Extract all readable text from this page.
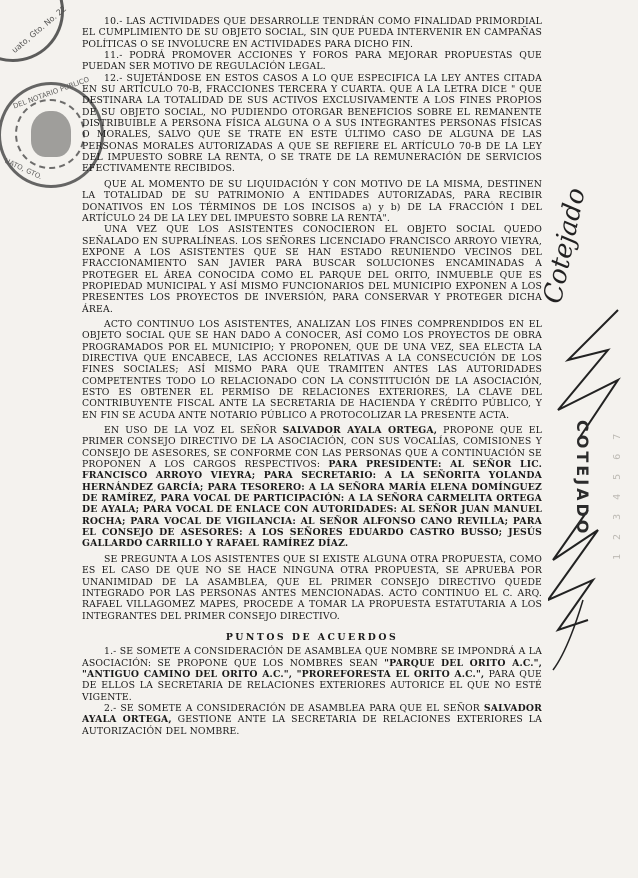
uato, Gto. No. 22
DEL NOTARIO PUBLICO
UATO, GTO.

10.- LAS ACTIVIDADES QUE DESARROLLE TENDRÁN COMO FINALIDAD PRIMORDIAL EL CUMPLIMIENTO DE SU OBJETO SOCIAL, SIN QUE PUEDA INTERVENIR EN CAMPAÑAS POLÍTICAS O SE INVOLUCRE EN ACTIVIDADES PARA DICHO FIN.

11.- PODRÁ PROMOVER ACCIONES Y FOROS PARA MEJORAR PROPUESTAS QUE PUEDAN SER MOTIVO DE REGULACIÓN LEGAL.

12.- SUJETÁNDOSE EN ESTOS CASOS A LO QUE ESPECIFICA LA LEY ANTES CITADA EN SU ARTÍCULO 70-B, FRACCIONES TERCERA Y CUARTA. QUE A LA LETRA DICE " QUE DESTINARA LA TOTALIDAD DE SUS ACTIVOS EXCLUSIVAMENTE A LOS FINES PROPIOS DE SU OBJETO SOCIAL, NO PUDIENDO OTORGAR BENEFICIOS SOBRE EL REMANENTE DISTRIBUIBLE A PERSONA FÍSICA ALGUNA O A SUS INTEGRANTES PERSONAS FÍSICAS O MORALES, SALVO QUE SE TRATE EN ESTE ÚLTIMO CASO DE ALGUNA DE LAS PERSONAS MORALES AUTORIZADAS A QUE SE REFIERE EL ARTÍCULO 70-B DE LA LEY DEL IMPUESTO SOBRE LA RENTA, O SE TRATE DE LA REMUNERACIÓN DE SERVICIOS EFECTIVAMENTE RECIBIDOS.

QUE AL MOMENTO DE SU LIQUIDACIÓN Y CON MOTIVO DE LA MISMA, DESTINEN LA TOTALIDAD DE SU PATRIMONIO A ENTIDADES AUTORIZADAS, PARA RECIBIR DONATIVOS EN LOS TÉRMINOS DE LOS INCISOS a) y b) DE LA FRACCIÓN I DEL ARTÍCULO 24 DE LA LEY DEL IMPUESTO SOBRE LA RENTA".

UNA VEZ QUE LOS ASISTENTES CONOCIERON EL OBJETO SOCIAL QUEDO SEÑALADO EN SUPRALÍNEAS. LOS SEÑORES LICENCIADO FRANCISCO ARROYO VIEYRA, EXPONE A LOS ASISTENTES QUE SE HAN ESTADO REUNIENDO VECINOS DEL FRACCIONAMIENTO SAN JAVIER PARA BUSCAR SOLUCIONES ENCAMINADAS A PROTEGER EL ÁREA CONOCIDA COMO EL PARQUE DEL ORITO, INMUEBLE QUE ES PROPIEDAD MUNICIPAL Y ASÍ MISMO FUNCIONARIOS DEL MUNICIPIO EXPONEN A LOS PRESENTES LOS PROYECTOS DE INVERSIÓN, PARA CONSERVAR Y PROTEGER DICHA ÁREA.

ACTO CONTINUO LOS ASISTENTES, ANALIZAN LOS FINES COMPRENDIDOS EN EL OBJETO SOCIAL QUE SE HAN DADO A CONOCER, ASÍ COMO LOS PROYECTOS DE OBRA PROGRAMADOS POR EL MUNICIPIO; Y PROPONEN, QUE DE UNA VEZ, SEA ELECTA LA DIRECTIVA QUE ENCABECE, LAS ACCIONES RELATIVAS A LA CONSECUCIÓN DE LOS FINES SOCIALES; ASÍ MISMO PARA QUE TRAMITEN ANTES LAS AUTORIDADES COMPETENTES TODO LO RELACIONADO CON LA CONSTITUCIÓN DE LA ASOCIACIÓN, ESTO ES OBTENER EL PERMISO DE RELACIONES EXTERIORES, LA CLAVE DEL CONTRIBUYENTE FISCAL ANTE LA SECRETARIA DE HACIENDA Y CRÉDITO PÚBLICO, Y EN FIN SE ACUDA ANTE NOTARIO PÚBLICO A PROTOCOLIZAR LA PRESENTE ACTA.

EN USO DE LA VOZ EL SEÑOR SALVADOR AYALA ORTEGA, PROPONE QUE EL PRIMER CONSEJO DIRECTIVO DE LA ASOCIACIÓN, CON SUS VOCALÍAS, COMISIONES Y CONSEJO DE ASESORES, SE CONFORME CON LAS PERSONAS QUE A CONTINUACIÓN SE PROPONEN A LOS CARGOS RESPECTIVOS: PARA PRESIDENTE: AL SEÑOR LIC. FRANCISCO ARROYO VIEYRA; PARA SECRETARIO: A LA SEÑORITA YOLANDA HERNÁNDEZ GARCÍA; PARA TESORERO: A LA SEÑORA MARÍA ELENA DOMÍNGUEZ DE RAMÍREZ, PARA VOCAL DE PARTICIPACIÓN: A LA SEÑORA CARMELITA ORTEGA DE AYALA; PARA VOCAL DE ENLACE CON AUTORIDADES: AL SEÑOR JUAN MANUEL ROCHA; PARA VOCAL DE VIGILANCIA: AL SEÑOR ALFONSO CANO REVILLA; PARA EL CONSEJO DE ASESORES: A LOS SEÑORES EDUARDO CASTRO BUSSO; JESÚS GALLARDO CARRILLO Y RAFAEL RAMÍREZ DÍAZ.

SE PREGUNTA A LOS ASISTENTES QUE SI EXISTE ALGUNA OTRA PROPUESTA, COMO ES EL CASO DE QUE NO SE HACE NINGUNA OTRA PROPUESTA, SE APRUEBA POR UNANIMIDAD DE LA ASAMBLEA, QUE EL PRIMER CONSEJO DIRECTIVO QUEDE INTEGRADO POR LAS PERSONAS ANTES MENCIONADAS. ACTO CONTINUO EL C. ARQ. RAFAEL VILLAGOMEZ MAPES, PROCEDE A TOMAR LA PROPUESTA ESTATUTARIA A LOS INTEGRANTES DEL PRIMER CONSEJO DIRECTIVO.

PUNTOS DE ACUERDOS

1.- SE SOMETE A CONSIDERACIÓN DE ASAMBLEA QUE NOMBRE SE IMPONDRÁ A LA ASOCIACIÓN: SE PROPONE QUE LOS NOMBRES SEAN "PARQUE DEL ORITO A.C.", "ANTIGUO CAMINO DEL ORITO A.C.", "PROREFORESTA EL ORITO A.C.", PARA QUE DE ELLOS LA SECRETARIA DE RELACIONES EXTERIORES AUTORICE EL QUE NO ESTÉ VIGENTE.

2.- SE SOMETE A CONSIDERACIÓN DE ASAMBLEA PARA QUE EL SEÑOR SALVADOR AYALA ORTEGA, GESTIONE ANTE LA SECRETARIA DE RELACIONES EXTERIORES LA AUTORIZACIÓN DEL NOMBRE.

Cotejado
COTEJADO 1 2 3 4 5 6 7
